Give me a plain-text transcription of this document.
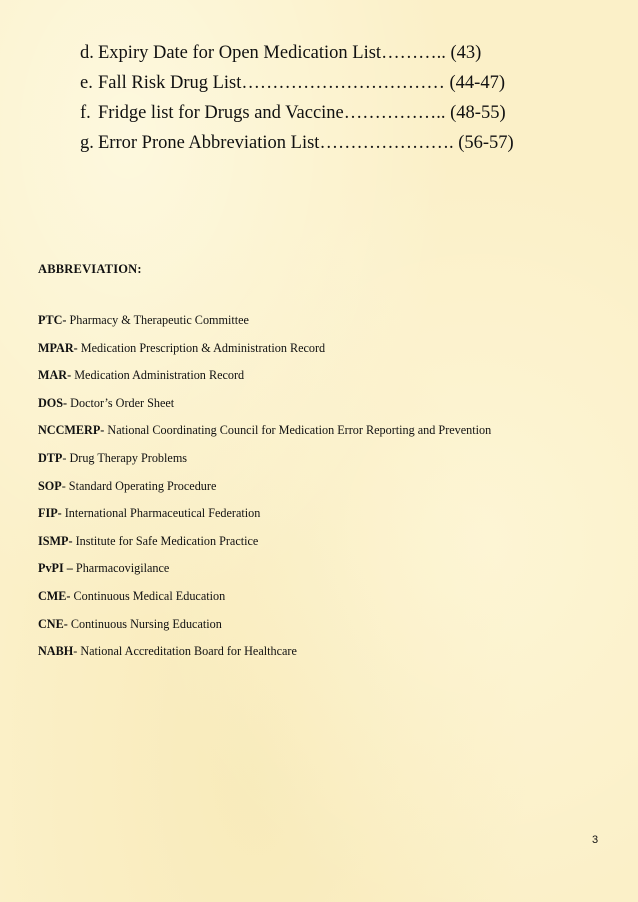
d. Expiry Date for Open Medication List……….. (43)
e. Fall Risk Drug List…………………………… (44-47)
f. Fridge list for Drugs and Vaccine…………….. (48-55)
g. Error Prone Abbreviation List…………………. (56-57)
ABBREVIATION:
PTC- Pharmacy & Therapeutic Committee
MPAR- Medication Prescription & Administration Record
MAR- Medication Administration Record
DOS- Doctor’s Order Sheet
NCCMERP- National Coordinating Council for Medication Error Reporting and Prevention
DTP- Drug Therapy Problems
SOP- Standard Operating Procedure
FIP- International Pharmaceutical Federation
ISMP- Institute for Safe Medication Practice
PvPI – Pharmacovigilance
CME- Continuous Medical Education
CNE- Continuous Nursing Education
NABH- National Accreditation Board for Healthcare
3
